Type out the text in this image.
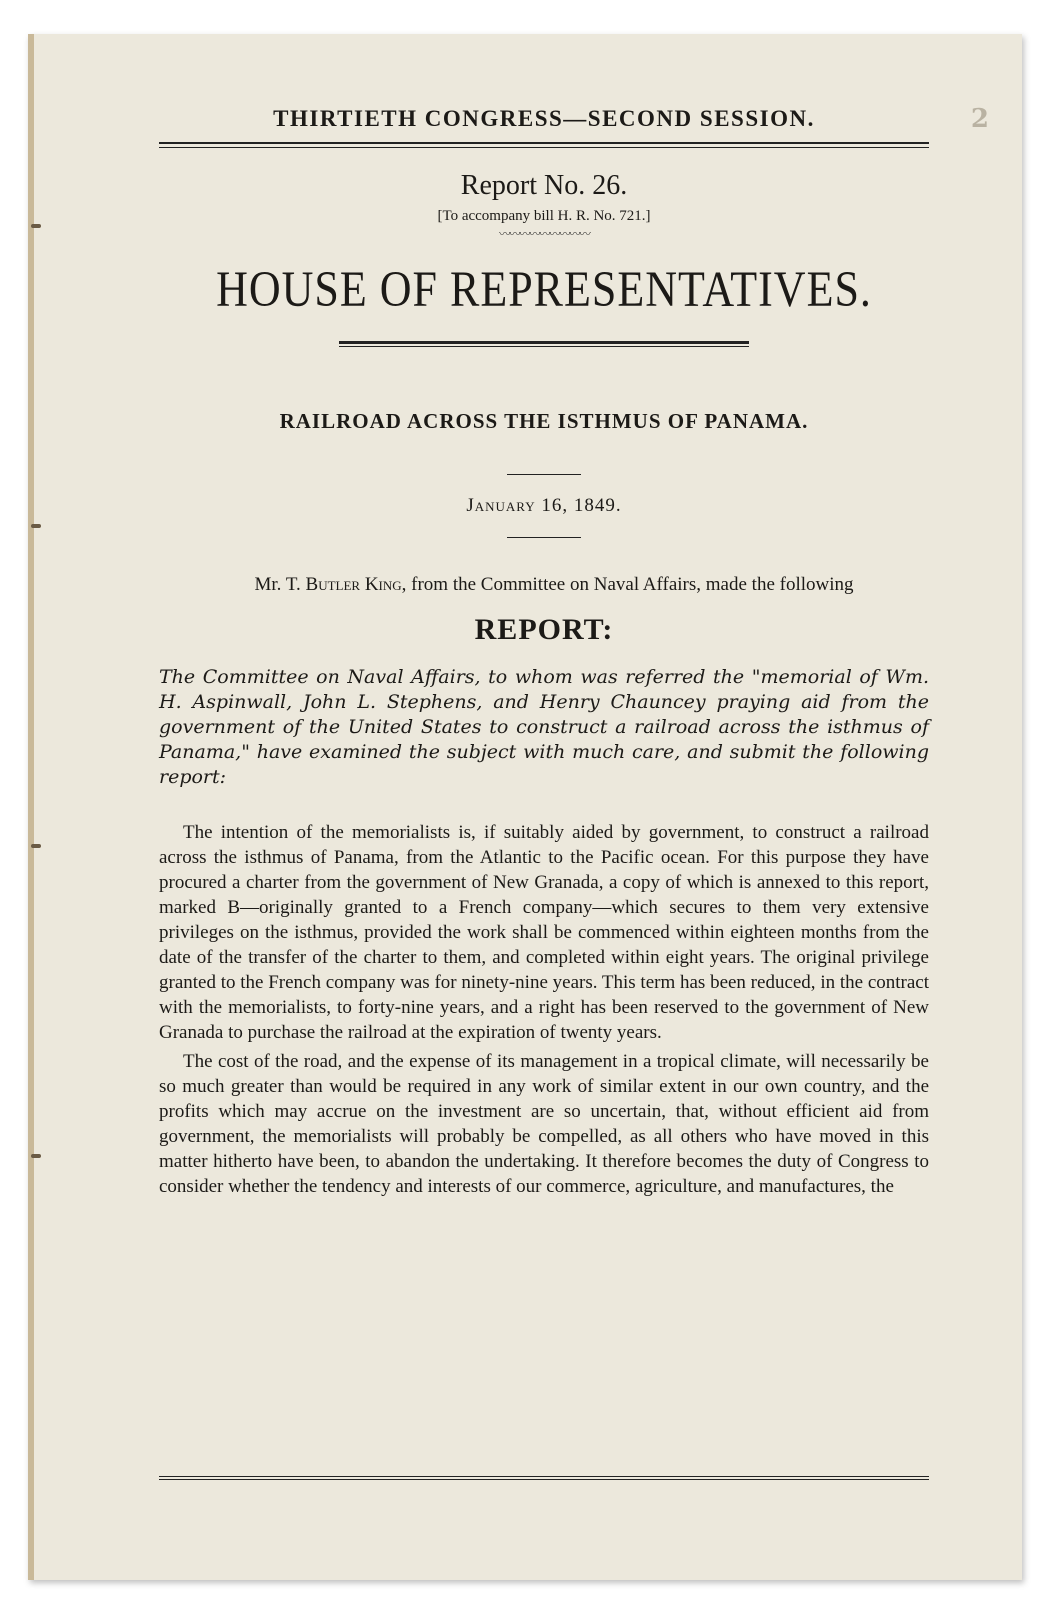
THIRTIETH CONGRESS—SECOND SESSION.	2
Report No. 26.
[To accompany bill H. R. No. 721.]
〰〰〰〰〰〰〰〰〰
HOUSE OF REPRESENTATIVES.
RAILROAD ACROSS THE ISTHMUS OF PANAMA.
January 16, 1849.
Mr. T. Butler King, from the Committee on Naval Affairs, made the following
REPORT:
The Committee on Naval Affairs, to whom was referred the "memorial of Wm. H. Aspinwall, John L. Stephens, and Henry Chauncey praying aid from the government of the United States to construct a railroad across the isthmus of Panama," have examined the subject with much care, and submit the following report:

The intention of the memorialists is, if suitably aided by government, to construct a railroad across the isthmus of Panama, from the Atlantic to the Pacific ocean. For this purpose they have procured a charter from the government of New Granada, a copy of which is annexed to this report, marked B—originally granted to a French company—which secures to them very extensive privileges on the isthmus, provided the work shall be commenced within eighteen months from the date of the transfer of the charter to them, and completed within eight years. The original privilege granted to the French company was for ninety-nine years. This term has been reduced, in the contract with the memorialists, to forty-nine years, and a right has been reserved to the government of New Granada to purchase the railroad at the expiration of twenty years.

The cost of the road, and the expense of its management in a tropical climate, will necessarily be so much greater than would be required in any work of similar extent in our own country, and the profits which may accrue on the investment are so uncertain, that, without efficient aid from government, the memorialists will probably be compelled, as all others who have moved in this matter hitherto have been, to abandon the undertaking. It therefore becomes the duty of Congress to consider whether the tendency and interests of our commerce, agriculture, and manufactures, the
